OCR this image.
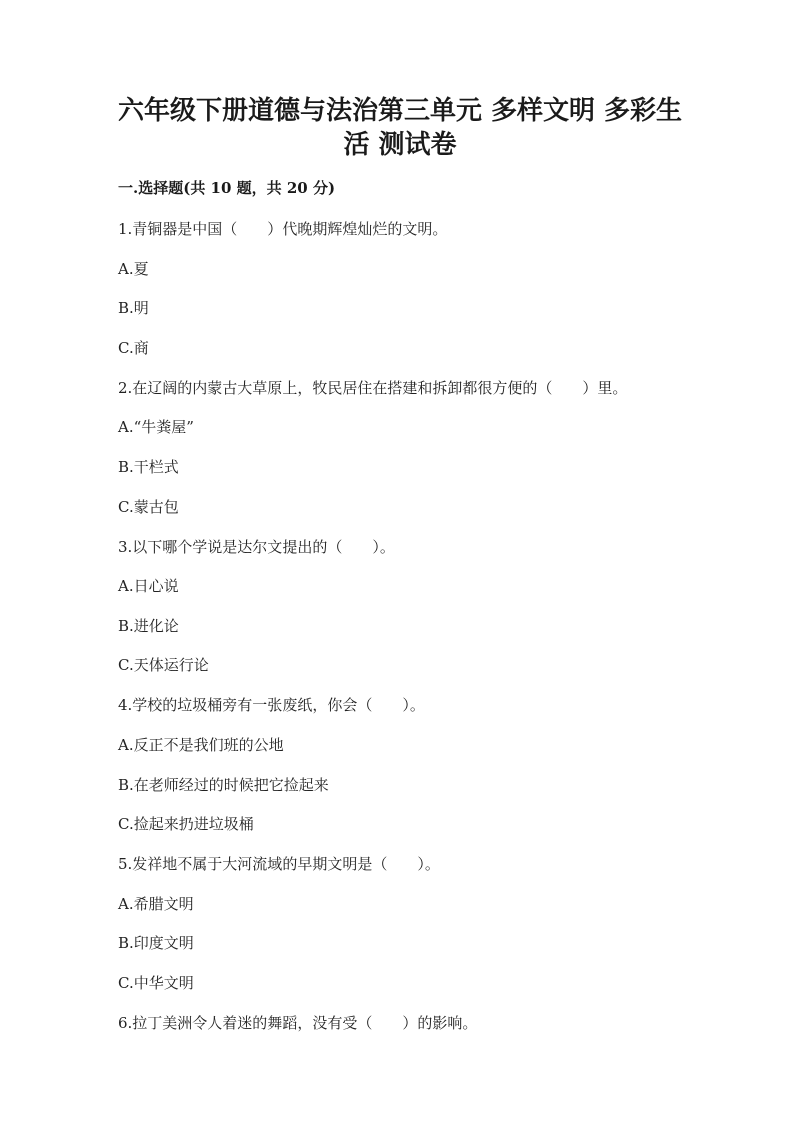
六年级下册道德与法治第三单元 多样文明 多彩生
活 测试卷
一.选择题(共 10 题，共 20 分)
1.青铜器是中国（　　）代晚期辉煌灿烂的文明。
A.夏
B.明
C.商
2.在辽阔的内蒙古大草原上，牧民居住在搭建和拆卸都很方便的（　　）里。
A.“牛粪屋”
B.干栏式
C.蒙古包
3.以下哪个学说是达尔文提出的（　　）。
A.日心说
B.进化论
C.天体运行论
4.学校的垃圾桶旁有一张废纸，你会（　　）。
A.反正不是我们班的公地
B.在老师经过的时候把它捡起来
C.捡起来扔进垃圾桶
5.发祥地不属于大河流域的早期文明是（　　）。
A.希腊文明
B.印度文明
C.中华文明
6.拉丁美洲令人着迷的舞蹈，没有受（　　）的影响。
